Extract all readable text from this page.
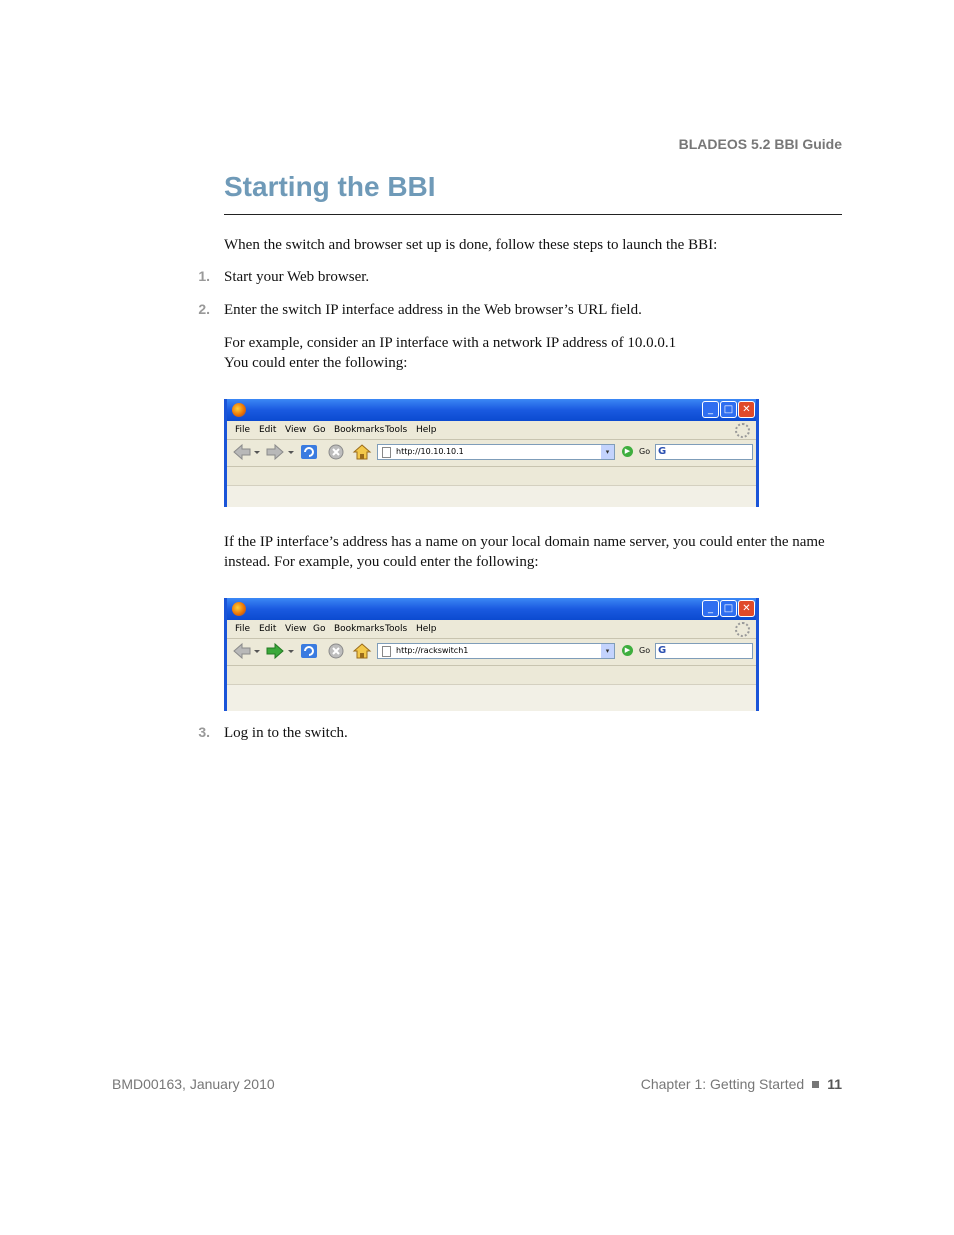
BLADEOS 5.2 BBI Guide
Starting the BBI
When the switch and browser set up is done, follow these steps to launch the BBI:
1. Start your Web browser.
2. Enter the switch IP interface address in the Web browser’s URL field.
For example, consider an IP interface with a network IP address of 10.0.0.1
You could enter the following:
_	□ ✕
File Edit View Go Bookmarks Tools Help
http://10.10.10.1	▾	▶	Go G
If the IP interface’s address has a name on your local domain name server, you could enter the name instead. For example, you could enter the following:
_	□ ✕
File Edit View Go Bookmarks Tools Help
http://rackswitch1	▾	▶	Go G
3. Log in to the switch.
BMD00163, January 2010	Chapter 1: Getting Started 11
